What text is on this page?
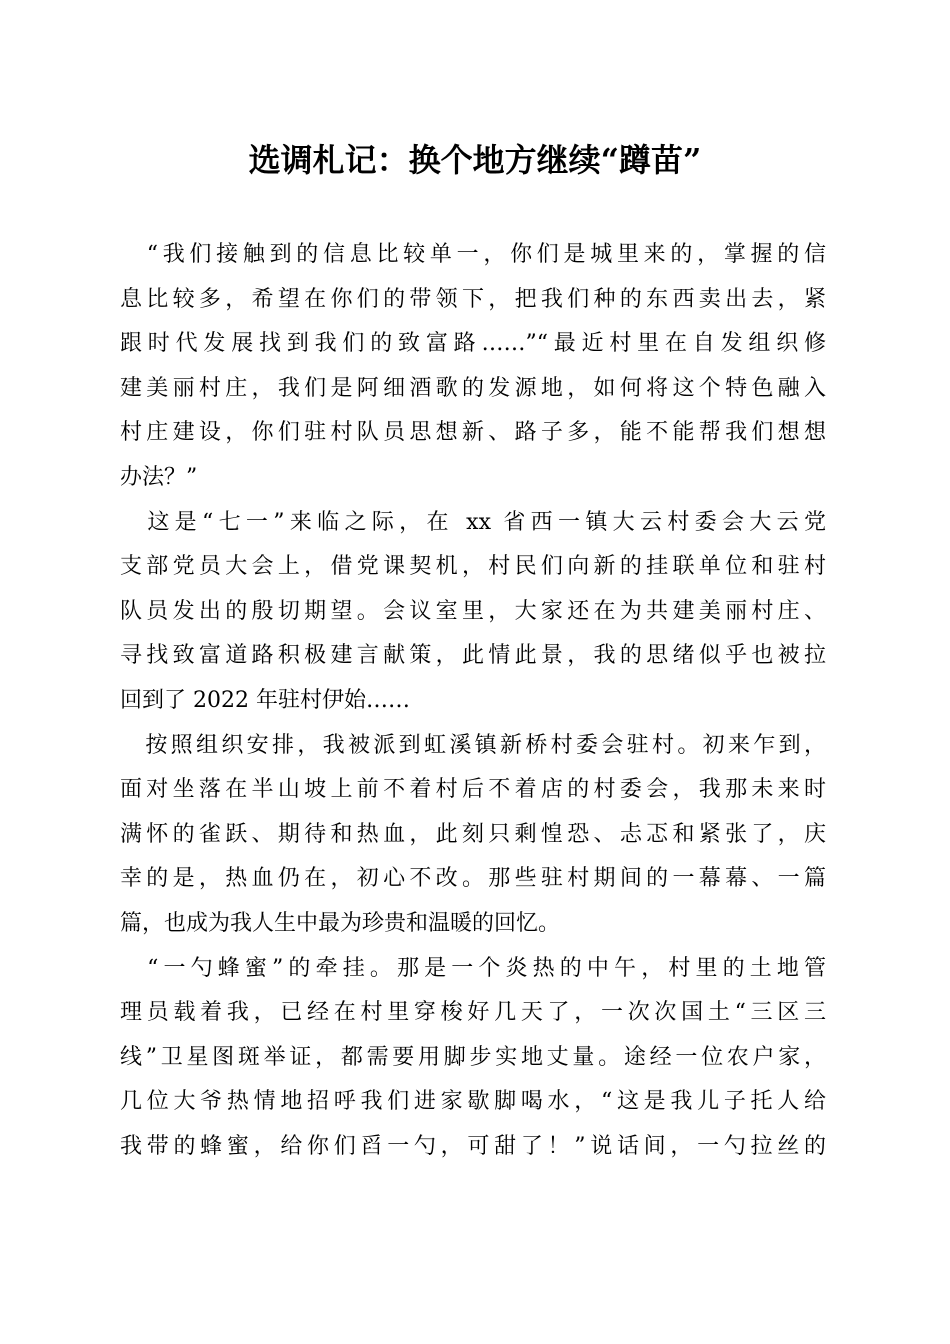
选调札记：换个地方继续“蹲苗”
　“我们接触到的信息比较单一，你们是城里来的，掌握的信
息比较多，希望在你们的带领下，把我们种的东西卖出去，紧
跟时代发展找到我们的致富路……”“最近村里在自发组织修
建美丽村庄，我们是阿细酒歌的发源地，如何将这个特色融入
村庄建设，你们驻村队员思想新、路子多，能不能帮我们想想
办法？”
　这是“七一”来临之际，在 xx 省西一镇大云村委会大云党
支部党员大会上，借党课契机，村民们向新的挂联单位和驻村
队员发出的殷切期望。会议室里，大家还在为共建美丽村庄、
寻找致富道路积极建言献策，此情此景，我的思绪似乎也被拉
回到了 2022 年驻村伊始……
　按照组织安排，我被派到虹溪镇新桥村委会驻村。初来乍到，
面对坐落在半山坡上前不着村后不着店的村委会，我那未来时
满怀的雀跃、期待和热血，此刻只剩惶恐、忐忑和紧张了，庆
幸的是，热血仍在，初心不改。那些驻村期间的一幕幕、一篇
篇，也成为我人生中最为珍贵和温暖的回忆。
　“一勺蜂蜜”的牵挂。那是一个炎热的中午，村里的土地管
理员载着我，已经在村里穿梭好几天了，一次次国土“三区三
线”卫星图斑举证，都需要用脚步实地丈量。途经一位农户家，
几位大爷热情地招呼我们进家歇脚喝水，“这是我儿子托人给
我带的蜂蜜，给你们舀一勺，可甜了！”说话间，一勺拉丝的
